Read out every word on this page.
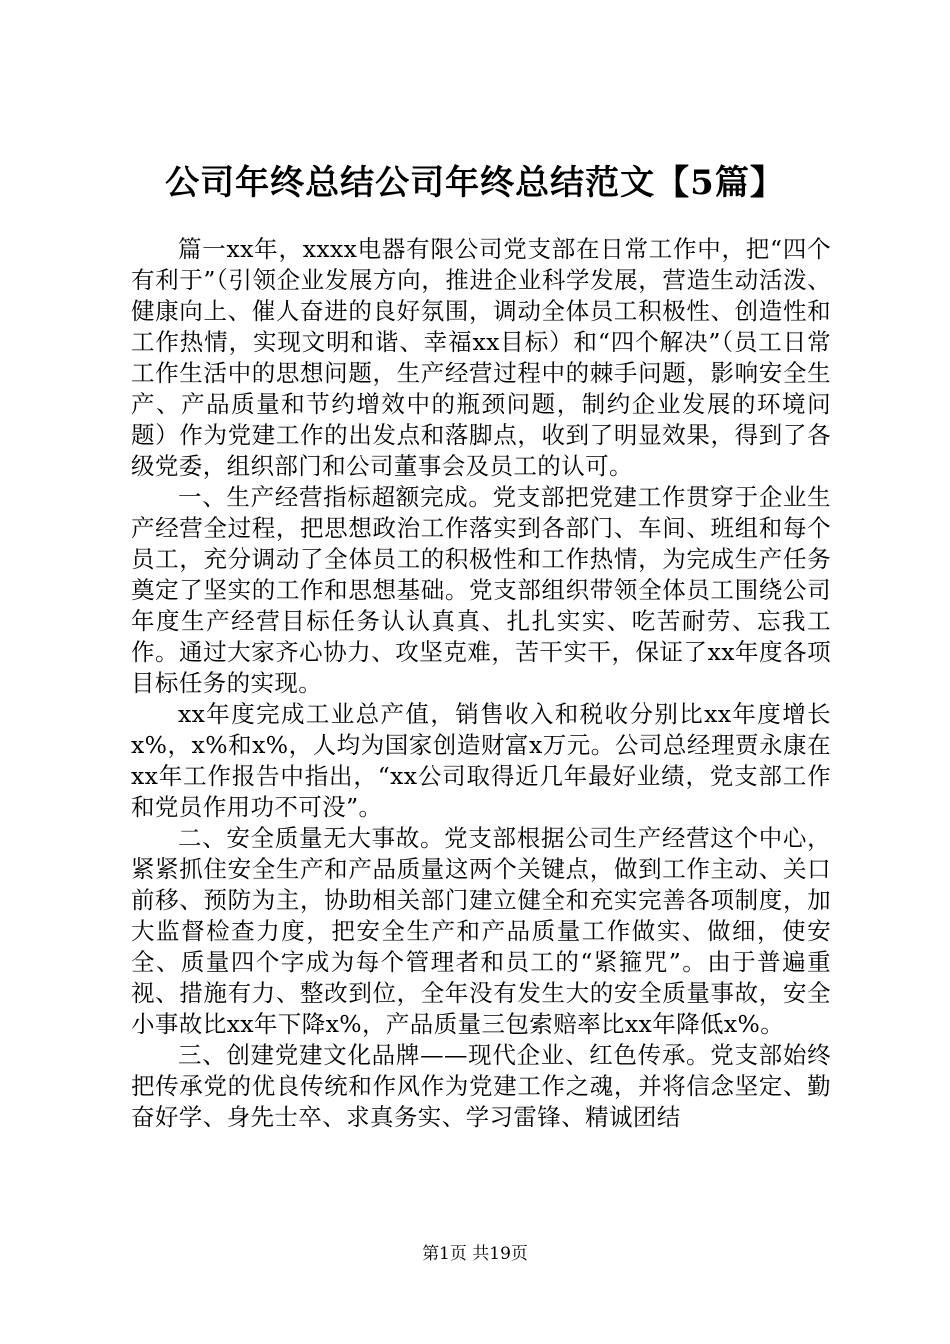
公司年终总结公司年终总结范文【5篇】

篇一xx年，xxxx电器有限公司党支部在日常工作中，把“四个有利于”（引领企业发展方向，推进企业科学发展，营造生动活泼、健康向上、催人奋进的良好氛围，调动全体员工积极性、创造性和工作热情，实现文明和谐、幸福xx目标）和“四个解决”（员工日常工作生活中的思想问题，生产经营过程中的棘手问题，影响安全生产、产品质量和节约增效中的瓶颈问题，制约企业发展的环境问题）作为党建工作的出发点和落脚点，收到了明显效果，得到了各级党委，组织部门和公司董事会及员工的认可。

一、生产经营指标超额完成。党支部把党建工作贯穿于企业生产经营全过程，把思想政治工作落实到各部门、车间、班组和每个员工，充分调动了全体员工的积极性和工作热情，为完成生产任务奠定了坚实的工作和思想基础。党支部组织带领全体员工围绕公司年度生产经营目标任务认认真真、扎扎实实、吃苦耐劳、忘我工作。通过大家齐心协力、攻坚克难，苦干实干，保证了xx年度各项目标任务的实现。

xx年度完成工业总产值，销售收入和税收分别比xx年度增长x%，x%和x%，人均为国家创造财富x万元。公司总经理贾永康在xx年工作报告中指出，“xx公司取得近几年最好业绩，党支部工作和党员作用功不可没”。

二、安全质量无大事故。党支部根据公司生产经营这个中心，紧紧抓住安全生产和产品质量这两个关键点，做到工作主动、关口前移、预防为主，协助相关部门建立健全和充实完善各项制度，加大监督检查力度，把安全生产和产品质量工作做实、做细，使安全、质量四个字成为每个管理者和员工的“紧箍咒”。由于普遍重视、措施有力、整改到位，全年没有发生大的安全质量事故，安全小事故比xx年下降x%，产品质量三包索赔率比xx年降低x%。

三、创建党建文化品牌——现代企业、红色传承。党支部始终把传承党的优良传统和作风作为党建工作之魂，并将信念坚定、勤奋好学、身先士卒、求真务实、学习雷锋、精诚团结

第1页 共19页
